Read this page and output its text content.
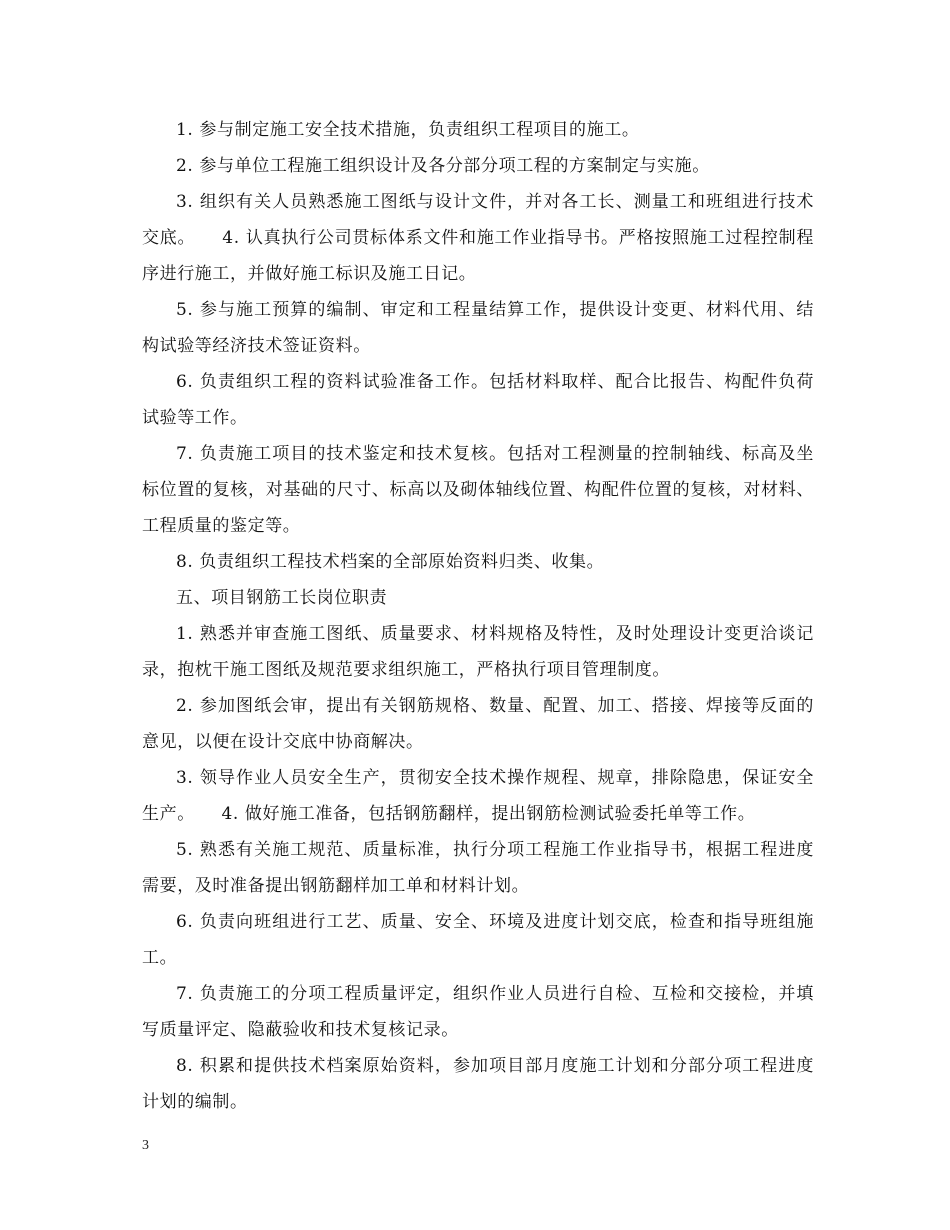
1. 参与制定施工安全技术措施，负责组织工程项目的施工。

2. 参与单位工程施工组织设计及各分部分项工程的方案制定与实施。

3. 组织有关人员熟悉施工图纸与设计文件，并对各工长、测量工和班组进行技术交底。　　4. 认真执行公司贯标体系文件和施工作业指导书。严格按照施工过程控制程序进行施工，并做好施工标识及施工日记。

5. 参与施工预算的编制、审定和工程量结算工作，提供设计变更、材料代用、结构试验等经济技术签证资料。

6. 负责组织工程的资料试验准备工作。包括材料取样、配合比报告、构配件负荷试验等工作。

7. 负责施工项目的技术鉴定和技术复核。包括对工程测量的控制轴线、标高及坐标位置的复核，对基础的尺寸、标高以及砌体轴线位置、构配件位置的复核，对材料、工程质量的鉴定等。

8. 负责组织工程技术档案的全部原始资料归类、收集。

五、项目钢筋工长岗位职责

1. 熟悉并审查施工图纸、质量要求、材料规格及特性，及时处理设计变更洽谈记录，抱枕干施工图纸及规范要求组织施工，严格执行项目管理制度。

2. 参加图纸会审，提出有关钢筋规格、数量、配置、加工、搭接、焊接等反面的意见，以便在设计交底中协商解决。

3. 领导作业人员安全生产，贯彻安全技术操作规程、规章，排除隐患，保证安全生产。　　4. 做好施工准备，包括钢筋翻样，提出钢筋检测试验委托单等工作。

5. 熟悉有关施工规范、质量标准，执行分项工程施工作业指导书，根据工程进度需要，及时准备提出钢筋翻样加工单和材料计划。

6. 负责向班组进行工艺、质量、安全、环境及进度计划交底，检查和指导班组施工。

7. 负责施工的分项工程质量评定，组织作业人员进行自检、互检和交接检，并填写质量评定、隐蔽验收和技术复核记录。

8. 积累和提供技术档案原始资料，参加项目部月度施工计划和分部分项工程进度计划的编制。

3
